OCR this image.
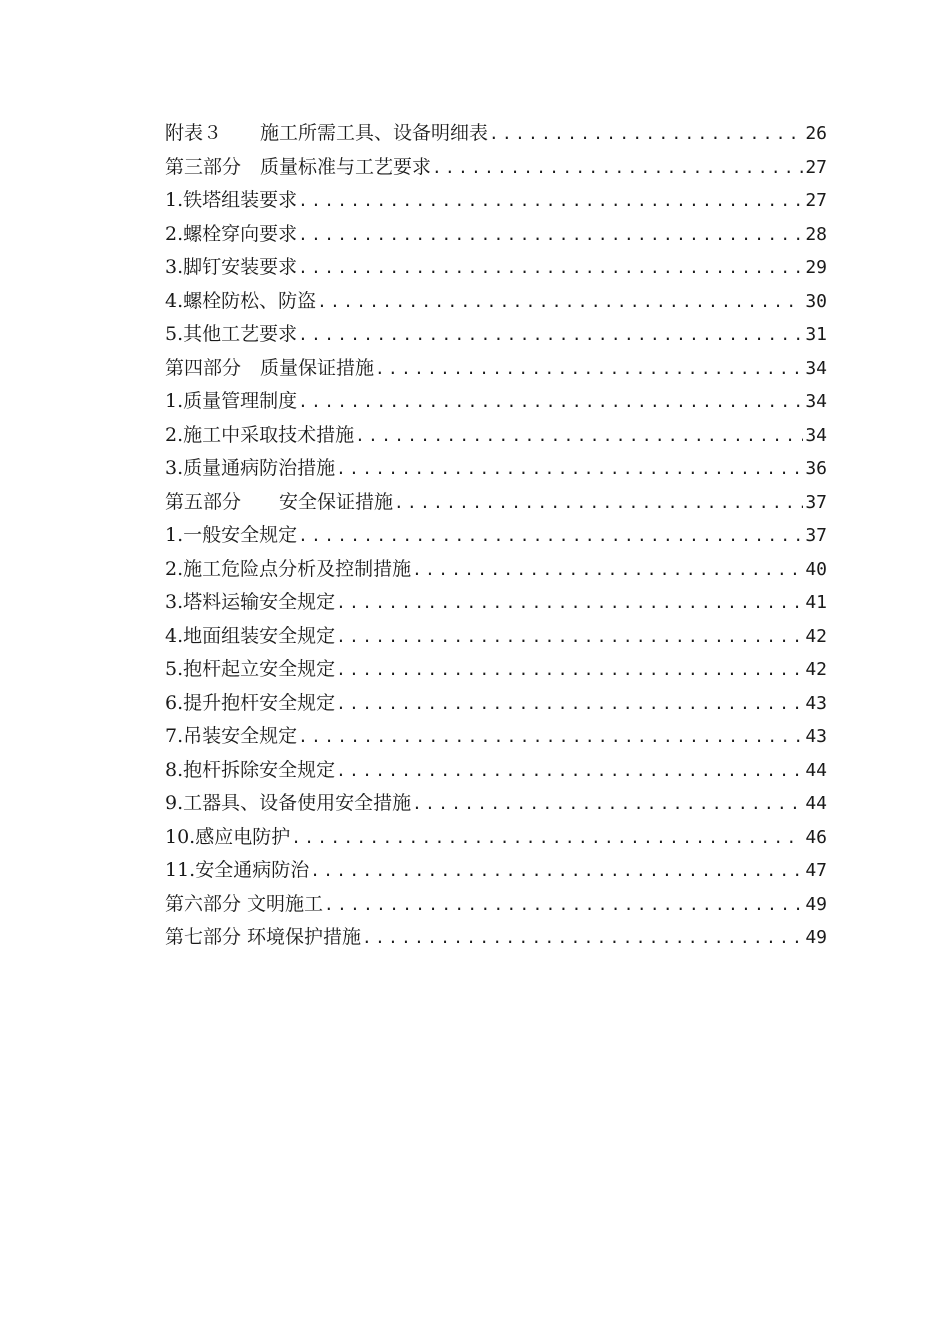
附表３　　施工所需工具、设备明细表 .....	26
第三部分　质量标准与工艺要求 .....	27
1.铁塔组装要求 .....	27
2.螺栓穿向要求 .....	28
3.脚钉安装要求 .....	29
4.螺栓防松、防盗 .....	30
5.其他工艺要求 .....	31
第四部分　质量保证措施 .....	34
1.质量管理制度 .....	34
2.施工中采取技术措施 .....	34
3.质量通病防治措施 .....	36
第五部分　　安全保证措施 .....	37
1.一般安全规定 .....	37
2.施工危险点分析及控制措施 .....	40
3.塔料运输安全规定 .....	41
4.地面组装安全规定 .....	42
5.抱杆起立安全规定 .....	42
6.提升抱杆安全规定 .....	43
7.吊装安全规定 .....	43
8.抱杆拆除安全规定 .....	44
9.工器具、设备使用安全措施 .....	44
10.感应电防护 .....	46
11.安全通病防治 .....	47
第六部分 文明施工 .....	49
第七部分 环境保护措施 .....	49
